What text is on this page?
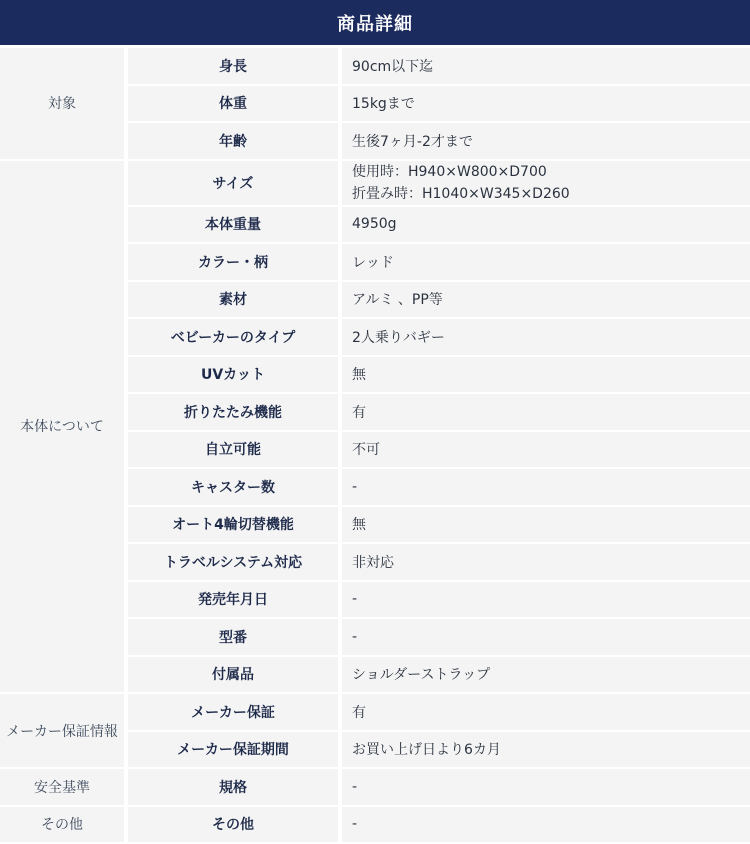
商品詳細
対象	身長	90cm以下迄
	体重	15kgまで
	年齢	生後7ヶ月-2才まで
本体について	サイズ	使用時：H940×W800×D700
折畳み時：H1040×W345×D260

	本体重量	4950g
	カラー・柄	レッド
	素材	アルミ 、PP等
	ベビーカーのタイプ	2人乗りバギー
	UVカット	無
	折りたたみ機能	有
	自立可能	不可
	キャスター数	-
	オート4輪切替機能	無
	トラベルシステム対応	非対応
	発売年月日	-
	型番	-
	付属品	ショルダーストラップ
メーカー保証情報	メーカー保証	有
	メーカー保証期間	お買い上げ日より6カ月
安全基準	規格	-
その他	その他	-
